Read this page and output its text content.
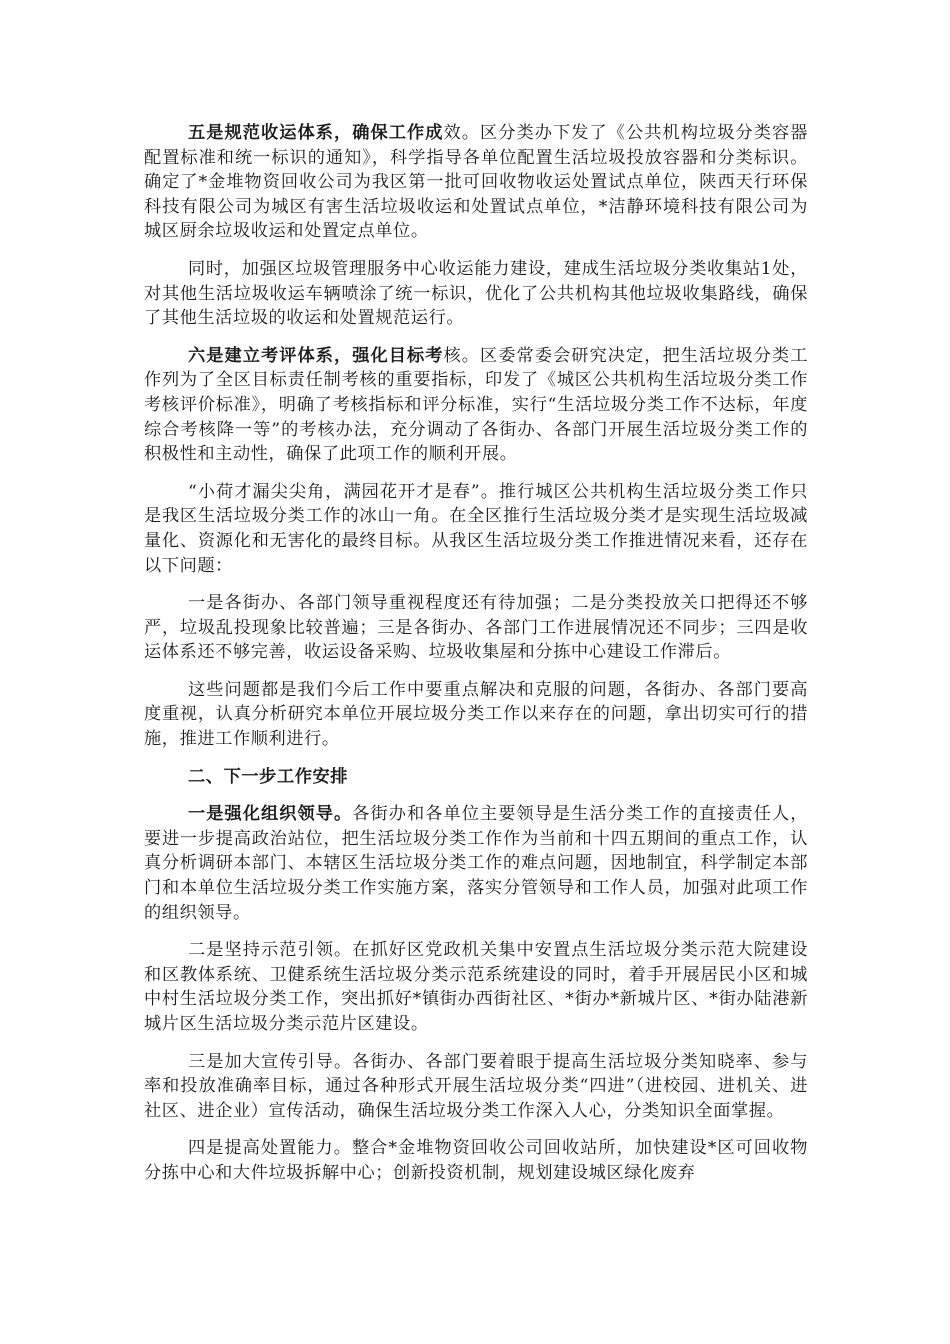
五是规范收运体系，确保工作成效。区分类办下发了《公共机构垃圾分类容器配置标准和统一标识的通知》，科学指导各单位配置生活垃圾投放容器和分类标识。确定了*金堆物资回收公司为我区第一批可回收物收运处置试点单位，陕西天行环保科技有限公司为城区有害生活垃圾收运和处置试点单位，*洁静环境科技有限公司为城区厨余垃圾收运和处置定点单位。

同时，加强区垃圾管理服务中心收运能力建设，建成生活垃圾分类收集站1处，对其他生活垃圾收运车辆喷涂了统一标识，优化了公共机构其他垃圾收集路线，确保了其他生活垃圾的收运和处置规范运行。

六是建立考评体系，强化目标考核。区委常委会研究决定，把生活垃圾分类工作列为了全区目标责任制考核的重要指标，印发了《城区公共机构生活垃圾分类工作考核评价标准》，明确了考核指标和评分标准，实行“生活垃圾分类工作不达标，年度综合考核降一等”的考核办法，充分调动了各街办、各部门开展生活垃圾分类工作的积极性和主动性，确保了此项工作的顺利开展。

“小荷才漏尖尖角，满园花开才是春”。推行城区公共机构生活垃圾分类工作只是我区生活垃圾分类工作的冰山一角。在全区推行生活垃圾分类才是实现生活垃圾减量化、资源化和无害化的最终目标。从我区生活垃圾分类工作推进情况来看，还存在以下问题：

一是各街办、各部门领导重视程度还有待加强；二是分类投放关口把得还不够严，垃圾乱投现象比较普遍；三是各街办、各部门工作进展情况还不同步；三四是收运体系还不够完善，收运设备采购、垃圾收集屋和分拣中心建设工作滞后。

这些问题都是我们今后工作中要重点解决和克服的问题，各街办、各部门要高度重视，认真分析研究本单位开展垃圾分类工作以来存在的问题，拿出切实可行的措施，推进工作顺利进行。

二、下一步工作安排

一是强化组织领导。各街办和各单位主要领导是生活分类工作的直接责任人，要进一步提高政治站位，把生活垃圾分类工作作为当前和十四五期间的重点工作，认真分析调研本部门、本辖区生活垃圾分类工作的难点问题，因地制宜，科学制定本部门和本单位生活垃圾分类工作实施方案，落实分管领导和工作人员，加强对此项工作的组织领导。

二是坚持示范引领。在抓好区党政机关集中安置点生活垃圾分类示范大院建设和区教体系统、卫健系统生活垃圾分类示范系统建设的同时，着手开展居民小区和城中村生活垃圾分类工作，突出抓好*镇街办西街社区、*街办*新城片区、*街办陆港新城片区生活垃圾分类示范片区建设。

三是加大宣传引导。各街办、各部门要着眼于提高生活垃圾分类知晓率、参与率和投放准确率目标，通过各种形式开展生活垃圾分类“四进”（进校园、进机关、进社区、进企业）宣传活动，确保生活垃圾分类工作深入人心，分类知识全面掌握。

四是提高处置能力。整合*金堆物资回收公司回收站所，加快建设*区可回收物分拣中心和大件垃圾拆解中心；创新投资机制，规划建设城区绿化废弃
